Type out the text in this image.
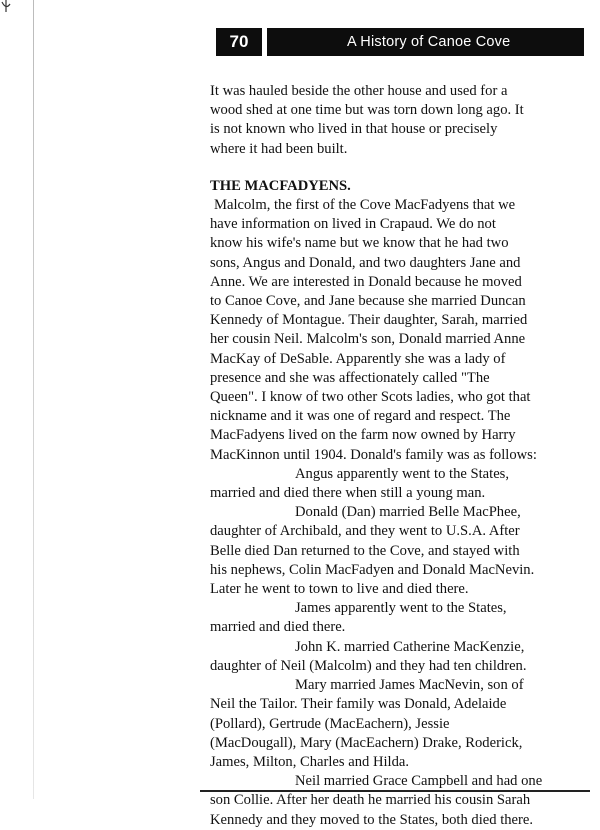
70	A History of Canoe Cove
It was hauled beside the other house and used for a
wood shed at one time but was torn down long ago. It
is not known who lived in that house or precisely
where it had been built.
THE MACFADYENS.
Malcolm, the first of the Cove MacFadyens that we
have information on lived in Crapaud. We do not
know his wife's name but we know that he had two
sons, Angus and Donald, and two daughters Jane and
Anne. We are interested in Donald because he moved
to Canoe Cove, and Jane because she married Duncan
Kennedy of Montague. Their daughter, Sarah, married
her cousin Neil. Malcolm's son, Donald married Anne
MacKay of DeSable. Apparently she was a lady of
presence and she was affectionately called "The
Queen". I know of two other Scots ladies, who got that
nickname and it was one of regard and respect. The
MacFadyens lived on the farm now owned by Harry
MacKinnon until 1904. Donald's family was as follows:
Angus apparently went to the States,
married and died there when still a young man.
Donald (Dan) married Belle MacPhee,
daughter of Archibald, and they went to U.S.A. After
Belle died Dan returned to the Cove, and stayed with
his nephews, Colin MacFadyen and Donald MacNevin.
Later he went to town to live and died there.
James apparently went to the States,
married and died there.
John K. married Catherine MacKenzie,
daughter of Neil (Malcolm) and they had ten children.
Mary married James MacNevin, son of
Neil the Tailor. Their family was Donald, Adelaide
(Pollard), Gertrude (MacEachern), Jessie
(MacDougall), Mary (MacEachern) Drake, Roderick,
James, Milton, Charles and Hilda.
Neil married Grace Campbell and had one
son Collie. After her death he married his cousin Sarah
Kennedy and they moved to the States, both died there.
